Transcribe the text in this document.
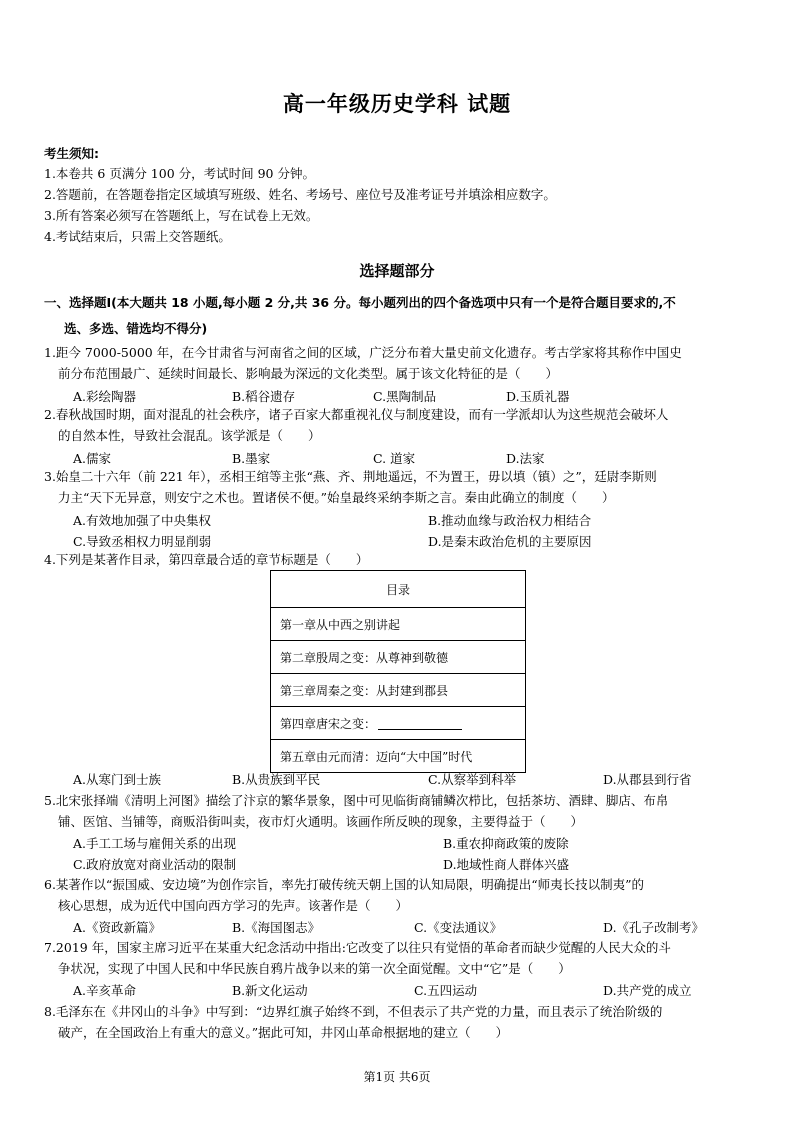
高一年级历史学科 试题
考生须知:
1.本卷共 6 页满分 100 分，考试时间 90 分钟。
2.答题前，在答题卷指定区域填写班级、姓名、考场号、座位号及准考证号并填涂相应数字。
3.所有答案必须写在答题纸上，写在试卷上无效。
4.考试结束后，只需上交答题纸。
选择题部分
一、选择题Ⅰ(本大题共 18 小题,每小题 2 分,共 36 分。每小题列出的四个备选项中只有一个是符合题目要求的,不
选、多选、错选均不得分)
1.距今 7000-5000 年，在今甘肃省与河南省之间的区域，广泛分布着大量史前文化遗存。考古学家将其称作中国史
前分布范围最广、延续时间最长、影响最为深远的文化类型。属于该文化特征的是（　　）
A.彩绘陶器	B.稻谷遗存	C.黑陶制品	D.玉质礼器
2.春秋战国时期，面对混乱的社会秩序，诸子百家大都重视礼仪与制度建设，而有一学派却认为这些规范会破坏人
的自然本性，导致社会混乱。该学派是（　　）
A.儒家	B.墨家	C. 道家	D.法家
3.始皇二十六年（前 221 年），丞相王绾等主张“燕、齐、荆地遥远，不为置王，毋以填（镇）之”，廷尉李斯则
力主“天下无异意，则安宁之术也。置诸侯不便。”始皇最终采纳李斯之言。秦由此确立的制度（　　）
A.有效地加强了中央集权	B.推动血缘与政治权力相结合
C.导致丞相权力明显削弱	D.是秦末政治危机的主要原因
4.下列是某著作目录，第四章最合适的章节标题是（　　）
目录
第一章从中西之别讲起
第二章殷周之变：从尊神到敬德
第三章周秦之变：从封建到郡县
第四章唐宋之变：
第五章由元而清：迈向“大中国”时代
A.从寒门到士族	B.从贵族到平民	C.从察举到科举	D.从郡县到行省
5.北宋张择端《清明上河图》描绘了汴京的繁华景象，图中可见临街商铺鳞次栉比，包括茶坊、酒肆、脚店、布帛
铺、医馆、当铺等，商贩沿街叫卖，夜市灯火通明。该画作所反映的现象，主要得益于（　　）
A.手工工场与雇佣关系的出现	B.重农抑商政策的废除
C.政府放宽对商业活动的限制	D.地域性商人群体兴盛
6.某著作以“振国威、安边境”为创作宗旨，率先打破传统天朝上国的认知局限，明确提出“师夷长技以制夷”的
核心思想，成为近代中国向西方学习的先声。该著作是（　　）
A.《资政新篇》	B.《海国图志》	C.《变法通议》	D.《孔子改制考》
7.2019 年，国家主席习近平在某重大纪念活动中指出:它改变了以往只有觉悟的革命者而缺少觉醒的人民大众的斗
争状况，实现了中国人民和中华民族自鸦片战争以来的第一次全面觉醒。文中“它”是（　　）
A.辛亥革命	B.新文化运动	C.五四运动	D.共产党的成立
8.毛泽东在《井冈山的斗争》中写到：“边界红旗子始终不到，不但表示了共产党的力量，而且表示了统治阶级的
破产，在全国政治上有重大的意义。”据此可知，井冈山革命根据地的建立（　　）
第1页 共6页
